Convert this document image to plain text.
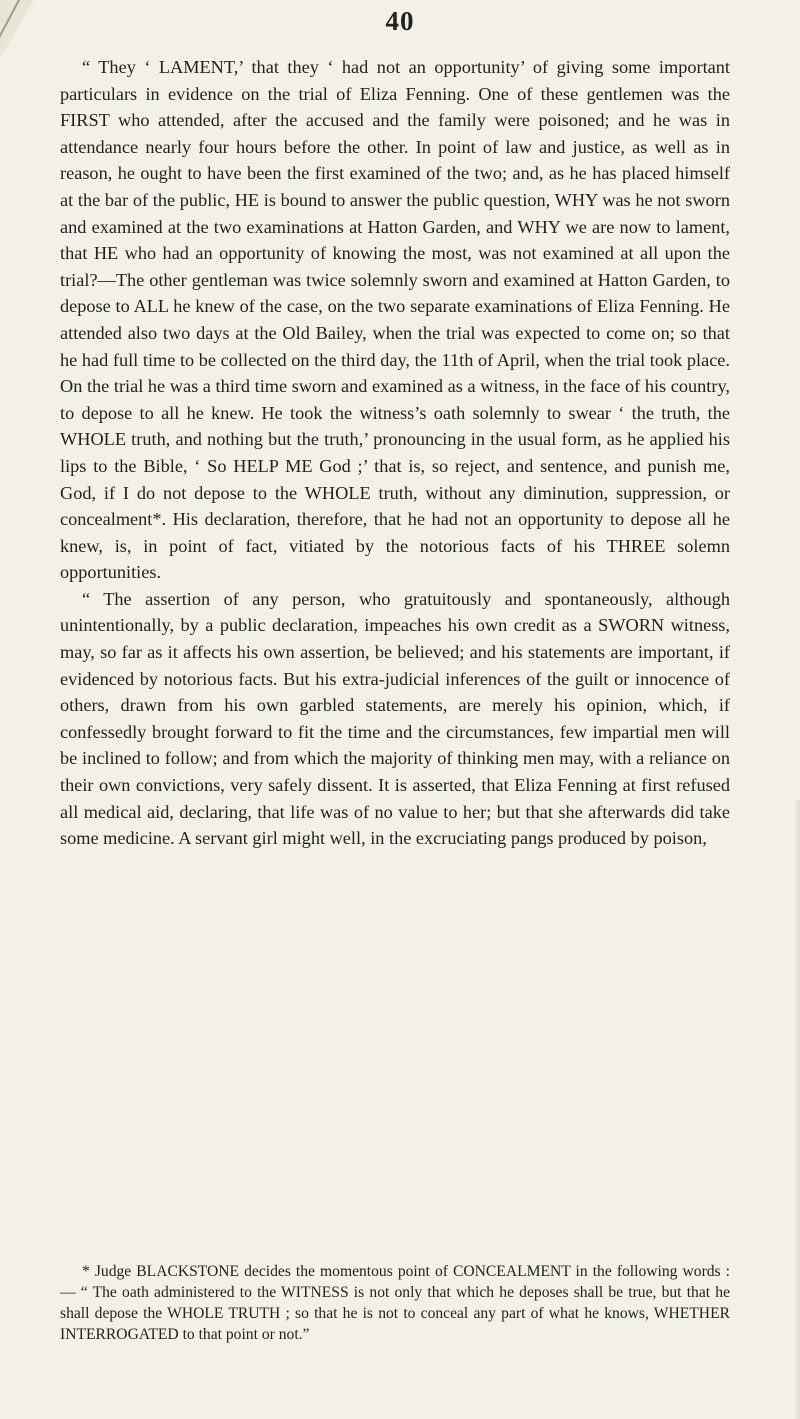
40

“ They ‘ LAMENT,’ that they ‘ had not an opportunity’ of giving some important particulars in evidence on the trial of Eliza Fenning. One of these gentlemen was the FIRST who attended, after the accused and the family were poisoned; and he was in attendance nearly four hours before the other. In point of law and justice, as well as in reason, he ought to have been the first examined of the two; and, as he has placed himself at the bar of the public, HE is bound to answer the public question, WHY was he not sworn and examined at the two examinations at Hatton Garden, and WHY we are now to lament, that HE who had an opportunity of knowing the most, was not examined at all upon the trial?—The other gentleman was twice solemnly sworn and examined at Hatton Garden, to depose to ALL he knew of the case, on the two separate examinations of Eliza Fenning. He attended also two days at the Old Bailey, when the trial was expected to come on; so that he had full time to be collected on the third day, the 11th of April, when the trial took place. On the trial he was a third time sworn and examined as a witness, in the face of his country, to depose to all he knew. He took the witness’s oath solemnly to swear ‘ the truth, the WHOLE truth, and nothing but the truth,’ pronouncing in the usual form, as he applied his lips to the Bible, ‘ So HELP ME God ;’ that is, so reject, and sentence, and punish me, God, if I do not depose to the WHOLE truth, without any diminution, suppression, or concealment*. His declaration, therefore, that he had not an opportunity to depose all he knew, is, in point of fact, vitiated by the notorious facts of his THREE solemn opportunities.

“ The assertion of any person, who gratuitously and spontaneously, although unintentionally, by a public declaration, impeaches his own credit as a SWORN witness, may, so far as it affects his own assertion, be believed; and his statements are important, if evidenced by notorious facts. But his extra-judicial inferences of the guilt or innocence of others, drawn from his own garbled statements, are merely his opinion, which, if confessedly brought forward to fit the time and the circumstances, few impartial men will be inclined to follow; and from which the majority of thinking men may, with a reliance on their own convictions, very safely dissent. It is asserted, that Eliza Fenning at first refused all medical aid, declaring, that life was of no value to her; but that she afterwards did take some medicine. A servant girl might well, in the excruciating pangs produced by poison,

* Judge BLACKSTONE decides the momentous point of CONCEALMENT in the following words : — “ The oath administered to the WITNESS is not only that which he deposes shall be true, but that he shall depose the WHOLE TRUTH ; so that he is not to conceal any part of what he knows, WHETHER INTERROGATED to that point or not.”
